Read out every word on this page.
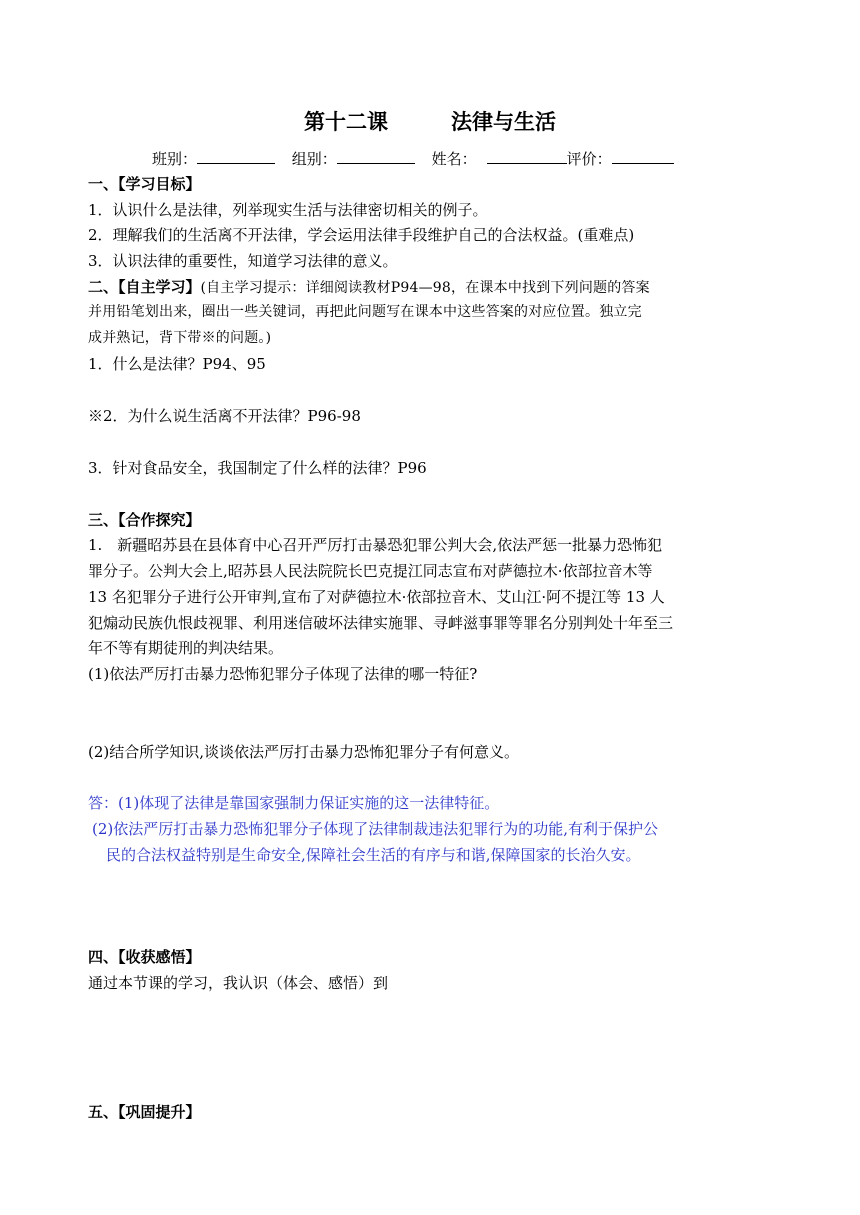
第十二课　　　	法律与生活
班别：	组别：	姓名：	评价：
一、【学习目标】
1．认识什么是法律，列举现实生活与法律密切相关的例子。
2．理解我们的生活离不开法律，学会运用法律手段维护自己的合法权益。(重难点)
3．认识法律的重要性，知道学习法律的意义。
二、【自主学习】(自主学习提示：详细阅读教材P94—98，在课本中找到下列问题的答案
并用铅笔划出来，圈出一些关键词，再把此问题写在课本中这些答案的对应位置。独立完
成并熟记，背下带※的问题。)
1．什么是法律？P94、95
※2．为什么说生活离不开法律？P96-98
3．针对食品安全，我国制定了什么样的法律？P96
三、【合作探究】
1.　新疆昭苏县在县体育中心召开严厉打击暴恐犯罪公判大会,依法严惩一批暴力恐怖犯
罪分子。公判大会上,昭苏县人民法院院长巴克提江同志宣布对萨德拉木·依部拉音木等
13 名犯罪分子进行公开审判,宣布了对萨德拉木·依部拉音木、艾山江·阿不提江等 13 人
犯煽动民族仇恨歧视罪、利用迷信破坏法律实施罪、寻衅滋事罪等罪名分别判处十年至三
年不等有期徒刑的判决结果。
(1)依法严厉打击暴力恐怖犯罪分子体现了法律的哪一特征?
(2)结合所学知识,谈谈依法严厉打击暴力恐怖犯罪分子有何意义。
答：(1)体现了法律是靠国家强制力保证实施的这一法律特征。
(2)依法严厉打击暴力恐怖犯罪分子体现了法律制裁违法犯罪行为的功能,有利于保护公
民的合法权益特别是生命安全,保障社会生活的有序与和谐,保障国家的长治久安。
四、【收获感悟】
通过本节课的学习，我认识（体会、感悟）到
五、【巩固提升】
